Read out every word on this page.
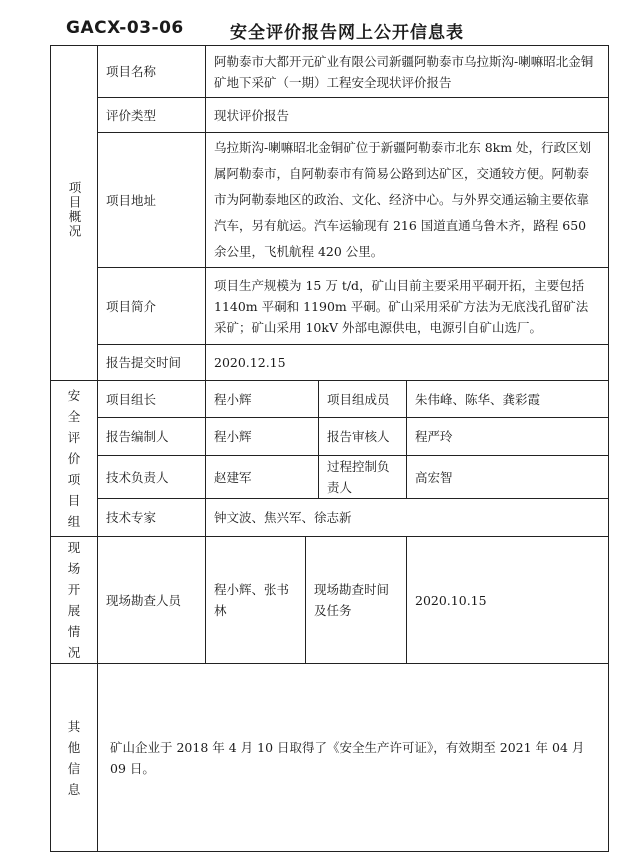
GACX-03-06	安全评价报告网上公开信息表
项目概况	项目名称	阿勒泰市大都开元矿业有限公司新疆阿勒泰市乌拉斯沟-喇嘛昭北金铜矿地下采矿（一期）工程安全现状评价报告			
	评价类型	现状评价报告			
	项目地址	乌拉斯沟-喇嘛昭北金铜矿位于新疆阿勒泰市北东 8km 处，行政区划属阿勒泰市，自阿勒泰市有简易公路到达矿区，交通较方便。阿勒泰市为阿勒泰地区的政治、文化、经济中心。与外界交通运输主要依靠汽车，另有航运。汽车运输现有 216 国道直通乌鲁木齐，路程 650 余公里，飞机航程 420 公里。			
	项目简介	项目生产规模为 15 万 t/d，矿山目前主要采用平硐开拓，主要包括 1140m 平硐和 1190m 平硐。矿山采用采矿方法为无底浅孔留矿法采矿；矿山采用 10kV 外部电源供电，电源引自矿山选厂。			
	报告提交时间	2020.12.15			
安全评价项目组	项目组长	程小辉		项目组成员	朱伟峰、陈华、龚彩霞
	报告编制人	程小辉		报告审核人	程严玲
	技术负责人	赵建军		过程控制负责人	高宏智
	技术专家	钟文波、焦兴军、徐志新			
现场开展情况	现场勘查人员	程小辉、张书林	现场勘查时间及任务		2020.10.15
其他信息	矿山企业于 2018 年 4 月 10 日取得了《安全生产许可证》，有效期至 2021 年 04 月 09 日。				
